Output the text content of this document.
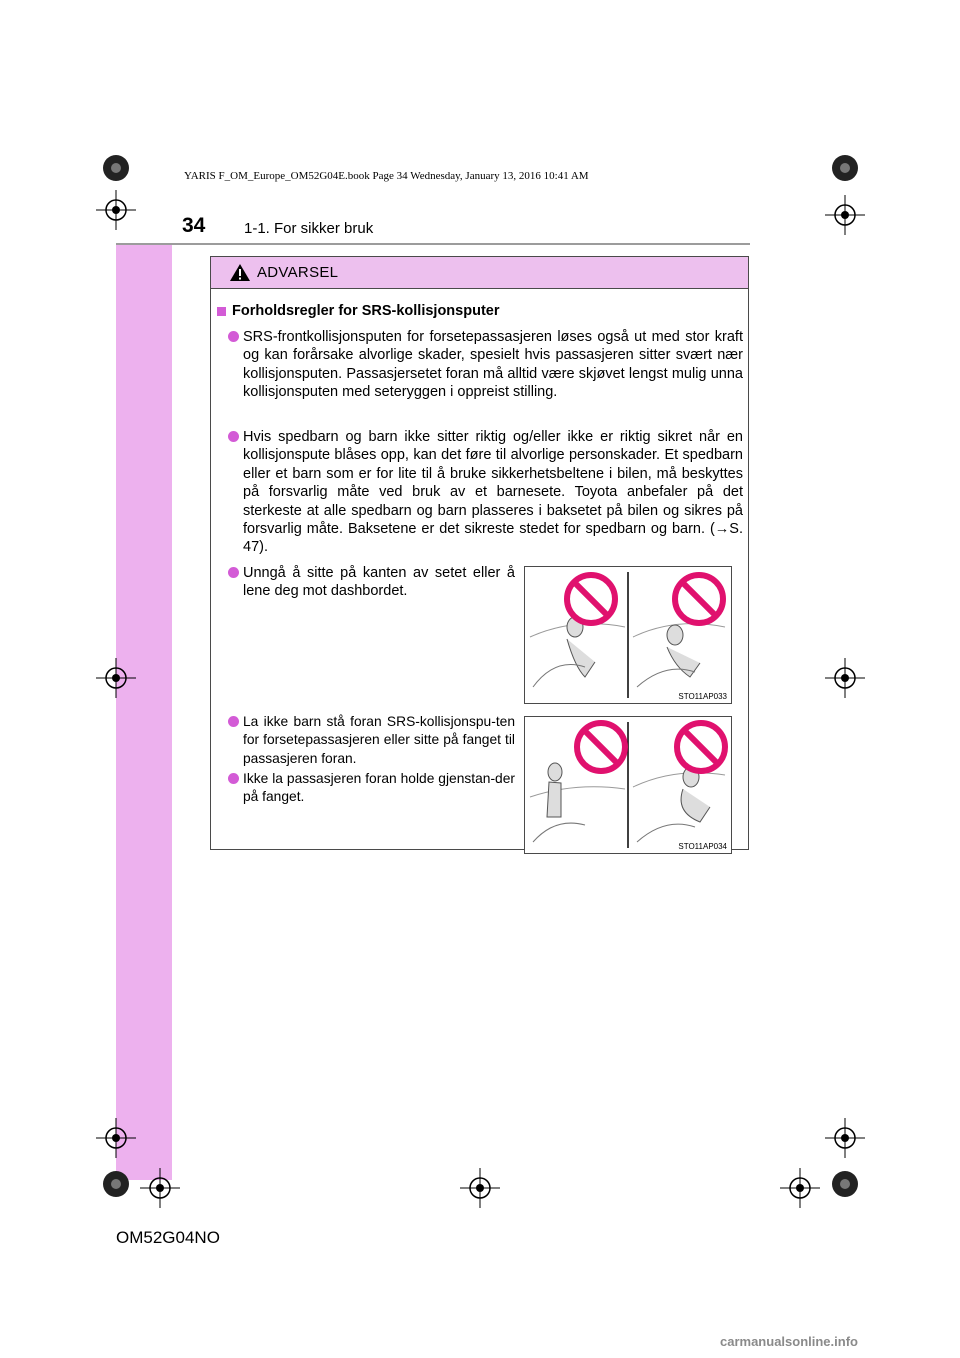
YARIS F_OM_Europe_OM52G04E.book Page 34 Wednesday, January 13, 2016 10:41 AM
34	1-1. For sikker bruk
ADVARSEL
Forholdsregler for SRS-kollisjonsputer
SRS-frontkollisjonsputen for forsetepassasjeren løses også ut med stor kraft og kan forårsake alvorlige skader, spesielt hvis passasjeren sitter svært nær kollisjonsputen. Passasjersetet foran må alltid være skjøvet lengst mulig unna kollisjonsputen med seteryggen i oppreist stilling.
Hvis spedbarn og barn ikke sitter riktig og/eller ikke er riktig sikret når en kollisjonspute blåses opp, kan det føre til alvorlige personskader. Et spedbarn eller et barn som er for lite til å bruke sikkerhetsbeltene i bilen, må beskyttes på forsvarlig måte ved bruk av et barnesete. Toyota anbefaler på det sterkeste at alle spedbarn og barn plasseres i baksetet på bilen og sikres på forsvarlig måte. Baksetene er det sikreste stedet for spedbarn og barn. (→S. 47).
Unngå å sitte på kanten av setet eller å lene deg mot dashbordet.
La ikke barn stå foran SRS-kollisjonspu-ten for forsetepassasjeren eller sitte på fanget til passasjeren foran.
Ikke la passasjeren foran holde gjenstan-der på fanget.
STO11AP033
STO11AP034
OM52G04NO
carmanualsonline.info
